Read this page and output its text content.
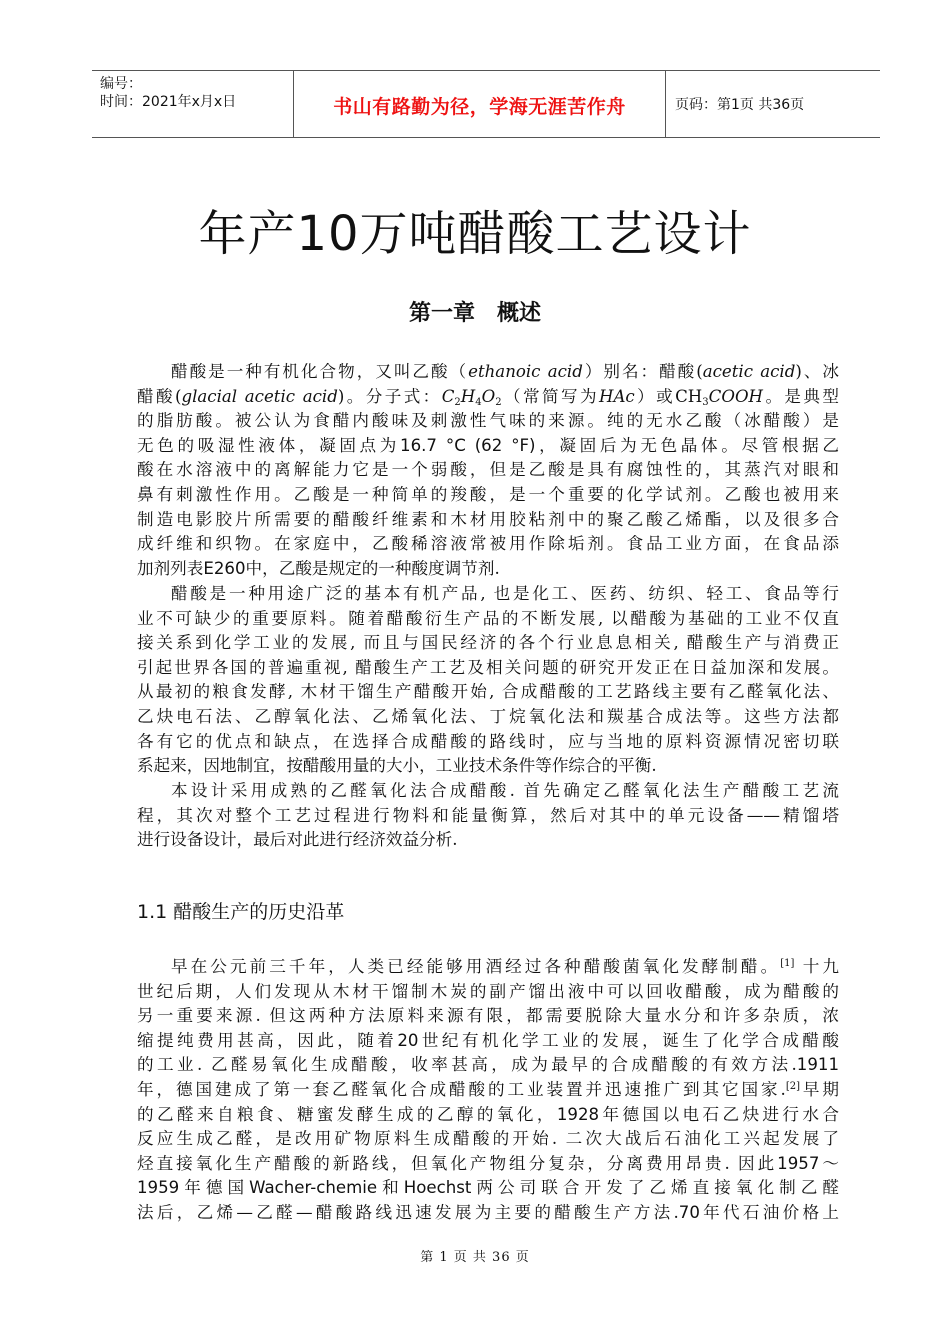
编号：
时间：2021年x月x日	书山有路勤为径，学海无涯苦作舟	页码：第1页 共36页
年产10万吨醋酸工艺设计
第一章　概述
醋酸是一种有机化合物，又叫乙酸（ethanoic acid）别名：醋酸(acetic acid)、冰
醋酸(glacial acetic acid)。分子式：$C_2H_4O_2$（常简写为HAc）或$CH_3COOH$。是典型
的脂肪酸。被公认为食醋内酸味及刺激性气味的来源。纯的无水乙酸（冰醋酸）是
无色的吸湿性液体，凝固点为16.7 °C (62 °F)，凝固后为无色晶体。尽管根据乙
酸在水溶液中的离解能力它是一个弱酸，但是乙酸是具有腐蚀性的，其蒸汽对眼和
鼻有刺激性作用。乙酸是一种简单的羧酸，是一个重要的化学试剂。乙酸也被用来
制造电影胶片所需要的醋酸纤维素和木材用胶粘剂中的聚乙酸乙烯酯，以及很多合
成纤维和织物。在家庭中，乙酸稀溶液常被用作除垢剂。食品工业方面，在食品添
加剂列表E260中，乙酸是规定的一种酸度调节剂.
醋酸是一种用途广泛的基本有机产品, 也是化工、医药、纺织、轻工、食品等行
业不可缺少的重要原料。随着醋酸衍生产品的不断发展, 以醋酸为基础的工业不仅直
接关系到化学工业的发展, 而且与国民经济的各个行业息息相关, 醋酸生产与消费正
引起世界各国的普遍重视, 醋酸生产工艺及相关问题的研究开发正在日益加深和发展。
从最初的粮食发酵, 木材干馏生产醋酸开始, 合成醋酸的工艺路线主要有乙醛氧化法、
乙炔电石法、乙醇氧化法、乙烯氧化法、丁烷氧化法和羰基合成法等。这些方法都
各有它的优点和缺点，在选择合成醋酸的路线时，应与当地的原料资源情况密切联
系起来，因地制宜，按醋酸用量的大小，工业技术条件等作综合的平衡.
本设计采用成熟的乙醛氧化法合成醋酸. 首先确定乙醛氧化法生产醋酸工艺流
程，其次对整个工艺过程进行物料和能量衡算，然后对其中的单元设备——精馏塔
进行设备设计，最后对此进行经济效益分析.
1.1 醋酸生产的历史沿革
早在公元前三千年，人类已经能够用酒经过各种醋酸菌氧化发酵制醋。[1] 十九
世纪后期，人们发现从木材干馏制木炭的副产馏出液中可以回收醋酸，成为醋酸的
另一重要来源. 但这两种方法原料来源有限，都需要脱除大量水分和许多杂质，浓
缩提纯费用甚高，因此，随着20世纪有机化学工业的发展，诞生了化学合成醋酸
的工业. 乙醛易氧化生成醋酸，收率甚高，成为最早的合成醋酸的有效方法.1911
年，德国建成了第一套乙醛氧化合成醋酸的工业装置并迅速推广到其它国家.[2]早期
的乙醛来自粮食、糖蜜发酵生成的乙醇的氧化，1928年德国以电石乙炔进行水合
反应生成乙醛，是改用矿物原料生成醋酸的开始. 二次大战后石油化工兴起发展了
烃直接氧化生产醋酸的新路线，但氧化产物组分复杂，分离费用昂贵. 因此1957～
1959年德国Wacher-chemie和Hoechst两公司联合开发了乙烯直接氧化制乙醛
法后，乙烯—乙醛—醋酸路线迅速发展为主要的醋酸生产方法.70年代石油价格上
第 1 页 共 36 页
